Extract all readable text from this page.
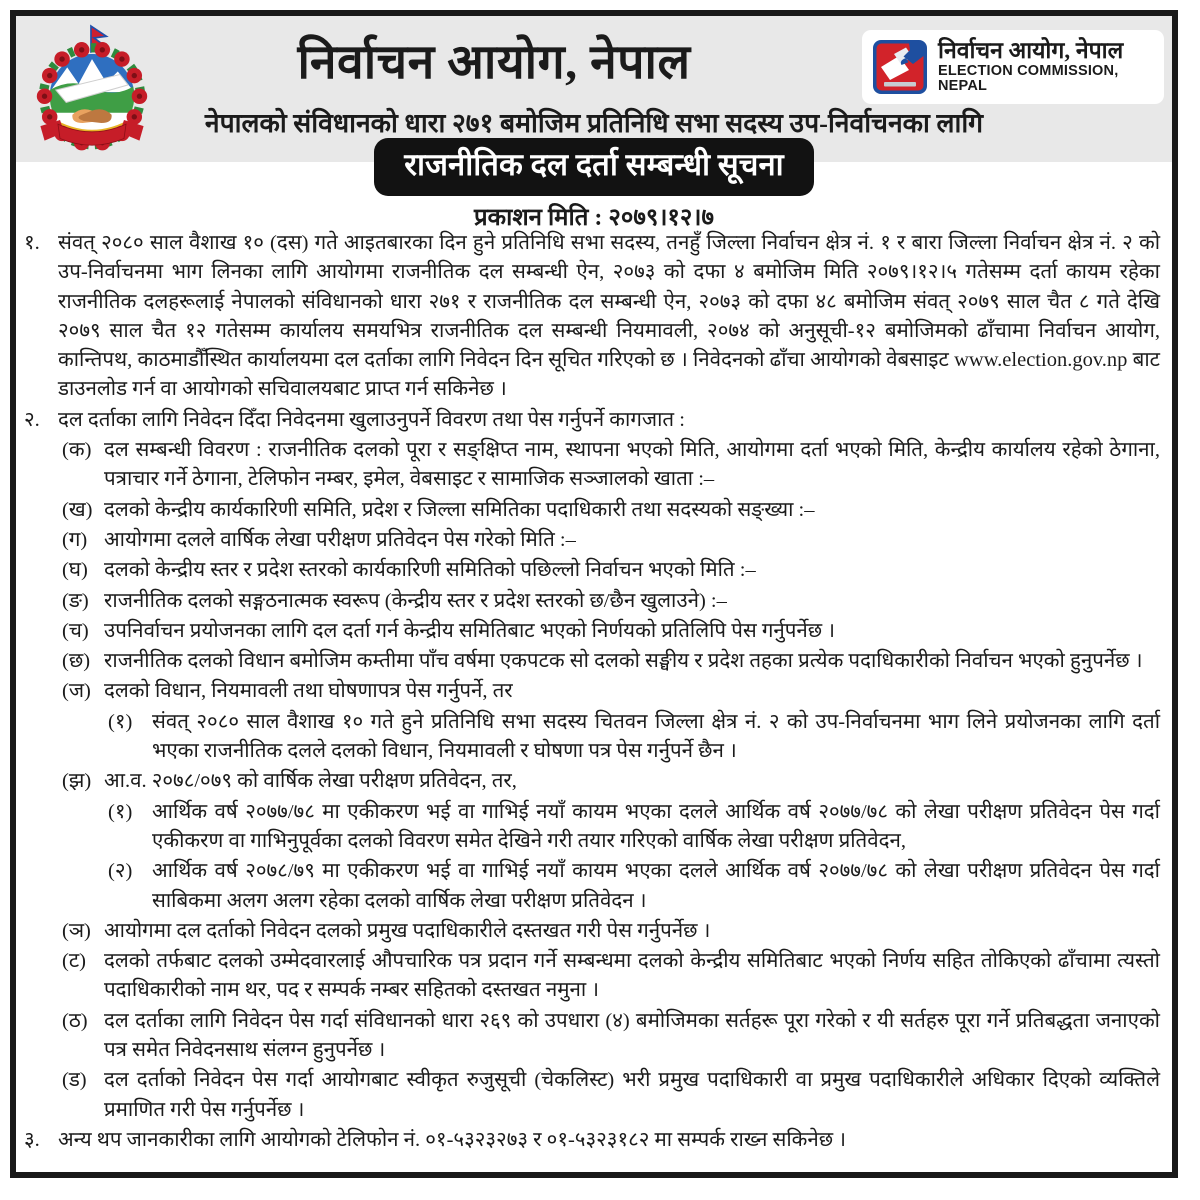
निर्वाचन आयोग, नेपाल	निर्वाचन आयोग, नेपाल
ELECTION COMMISSION, NEPAL
नेपालको संविधानको धारा २७१ बमोजिम प्रतिनिधि सभा सदस्य उप-निर्वाचनका लागि
राजनीतिक दल दर्ता सम्बन्धी सूचना
प्रकाशन मिति : २०७९।१२।७
१. संवत् २०८० साल वैशाख १० (दस) गते आइतबारका दिन हुने प्रतिनिधि सभा सदस्य, तनहुँ जिल्ला निर्वाचन क्षेत्र नं. १ र बारा जिल्ला निर्वाचन क्षेत्र नं. २ को उप-निर्वाचनमा भाग लिनका लागि आयोगमा राजनीतिक दल सम्बन्धी ऐन, २०७३ को दफा ४ बमोजिम मिति २०७९।१२।५ गतेसम्म दर्ता कायम रहेका राजनीतिक दलहरूलाई नेपालको संविधानको धारा २७१ र राजनीतिक दल सम्बन्धी ऐन, २०७३ को दफा ४८ बमोजिम संवत् २०७९ साल चैत ८ गते देखि २०७९ साल चैत १२ गतेसम्म कार्यालय समयभित्र राजनीतिक दल सम्बन्धी नियमावली, २०७४ को अनुसूची-१२ बमोजिमको ढाँचामा निर्वाचन आयोग, कान्तिपथ, काठमाडौँस्थित कार्यालयमा दल दर्ताका लागि निवेदन दिन सूचित गरिएको छ । निवेदनको ढाँचा आयोगको वेबसाइट www.election.gov.np बाट डाउनलोड गर्न वा आयोगको सचिवालयबाट प्राप्त गर्न सकिनेछ ।
२. दल दर्ताका लागि निवेदन दिँदा निवेदनमा खुलाउनुपर्ने विवरण तथा पेस गर्नुपर्ने कागजात :
(क) दल सम्बन्धी विवरण : राजनीतिक दलको पूरा र सङ्क्षिप्त नाम, स्थापना भएको मिति, आयोगमा दर्ता भएको मिति, केन्द्रीय कार्यालय रहेको ठेगाना, पत्राचार गर्ने ठेगाना, टेलिफोन नम्बर, इमेल, वेबसाइट र सामाजिक सञ्जालको खाता :–
(ख) दलको केन्द्रीय कार्यकारिणी समिति, प्रदेश र जिल्ला समितिका पदाधिकारी तथा सदस्यको सङ्ख्या :–
(ग) आयोगमा दलले वार्षिक लेखा परीक्षण प्रतिवेदन पेस गरेको मिति :–
(घ) दलको केन्द्रीय स्तर र प्रदेश स्तरको कार्यकारिणी समितिको पछिल्लो निर्वाचन भएको मिति :–
(ङ) राजनीतिक दलको सङ्गठनात्मक स्वरूप (केन्द्रीय स्तर र प्रदेश स्तरको छ/छैन खुलाउने) :–
(च) उपनिर्वाचन प्रयोजनका लागि दल दर्ता गर्न केन्द्रीय समितिबाट भएको निर्णयको प्रतिलिपि पेस गर्नुपर्नेछ ।
(छ) राजनीतिक दलको विधान बमोजिम कम्तीमा पाँच वर्षमा एकपटक सो दलको सङ्घीय र प्रदेश तहका प्रत्येक पदाधिकारीको निर्वाचन भएको हुनुपर्नेछ ।
(ज) दलको विधान, नियमावली तथा घोषणापत्र पेस गर्नुपर्ने, तर
(१) संवत् २०८० साल वैशाख १० गते हुने प्रतिनिधि सभा सदस्य चितवन जिल्ला क्षेत्र नं. २ को उप-निर्वाचनमा भाग लिने प्रयोजनका लागि दर्ता भएका राजनीतिक दलले दलको विधान, नियमावली र घोषणा पत्र पेस गर्नुपर्ने छैन ।
(झ) आ.व. २०७८/०७९ को वार्षिक लेखा परीक्षण प्रतिवेदन, तर,
(१) आर्थिक वर्ष २०७७/७८ मा एकीकरण भई वा गाभिई नयाँ कायम भएका दलले आर्थिक वर्ष २०७७/७८ को लेखा परीक्षण प्रतिवेदन पेस गर्दा एकीकरण वा गाभिनुपूर्वका दलको विवरण समेत देखिने गरी तयार गरिएको वार्षिक लेखा परीक्षण प्रतिवेदन,
(२) आर्थिक वर्ष २०७८/७९ मा एकीकरण भई वा गाभिई नयाँ कायम भएका दलले आर्थिक वर्ष २०७७/७८ को लेखा परीक्षण प्रतिवेदन पेस गर्दा साबिकमा अलग अलग रहेका दलको वार्षिक लेखा परीक्षण प्रतिवेदन ।
(ञ) आयोगमा दल दर्ताको निवेदन दलको प्रमुख पदाधिकारीले दस्तखत गरी पेस गर्नुपर्नेछ ।
(ट) दलको तर्फबाट दलको उम्मेदवारलाई औपचारिक पत्र प्रदान गर्ने सम्बन्धमा दलको केन्द्रीय समितिबाट भएको निर्णय सहित तोकिएको ढाँचामा त्यस्तो पदाधिकारीको नाम थर, पद र सम्पर्क नम्बर सहितको दस्तखत नमुना ।
(ठ) दल दर्ताका लागि निवेदन पेस गर्दा संविधानको धारा २६९ को उपधारा (४) बमोजिमका सर्तहरू पूरा गरेको र यी सर्तहरु पूरा गर्ने प्रतिबद्धता जनाएको पत्र समेत निवेदनसाथ संलग्न हुनुपर्नेछ ।
(ड) दल दर्ताको निवेदन पेस गर्दा आयोगबाट स्वीकृत रुजुसूची (चेकलिस्ट) भरी प्रमुख पदाधिकारी वा प्रमुख पदाधिकारीले अधिकार दिएको व्यक्तिले प्रमाणित गरी पेस गर्नुपर्नेछ ।
३. अन्य थप जानकारीका लागि आयोगको टेलिफोन नं. ०१-५३२३२७३ र ०१-५३२३१८२ मा सम्पर्क राख्न सकिनेछ ।
